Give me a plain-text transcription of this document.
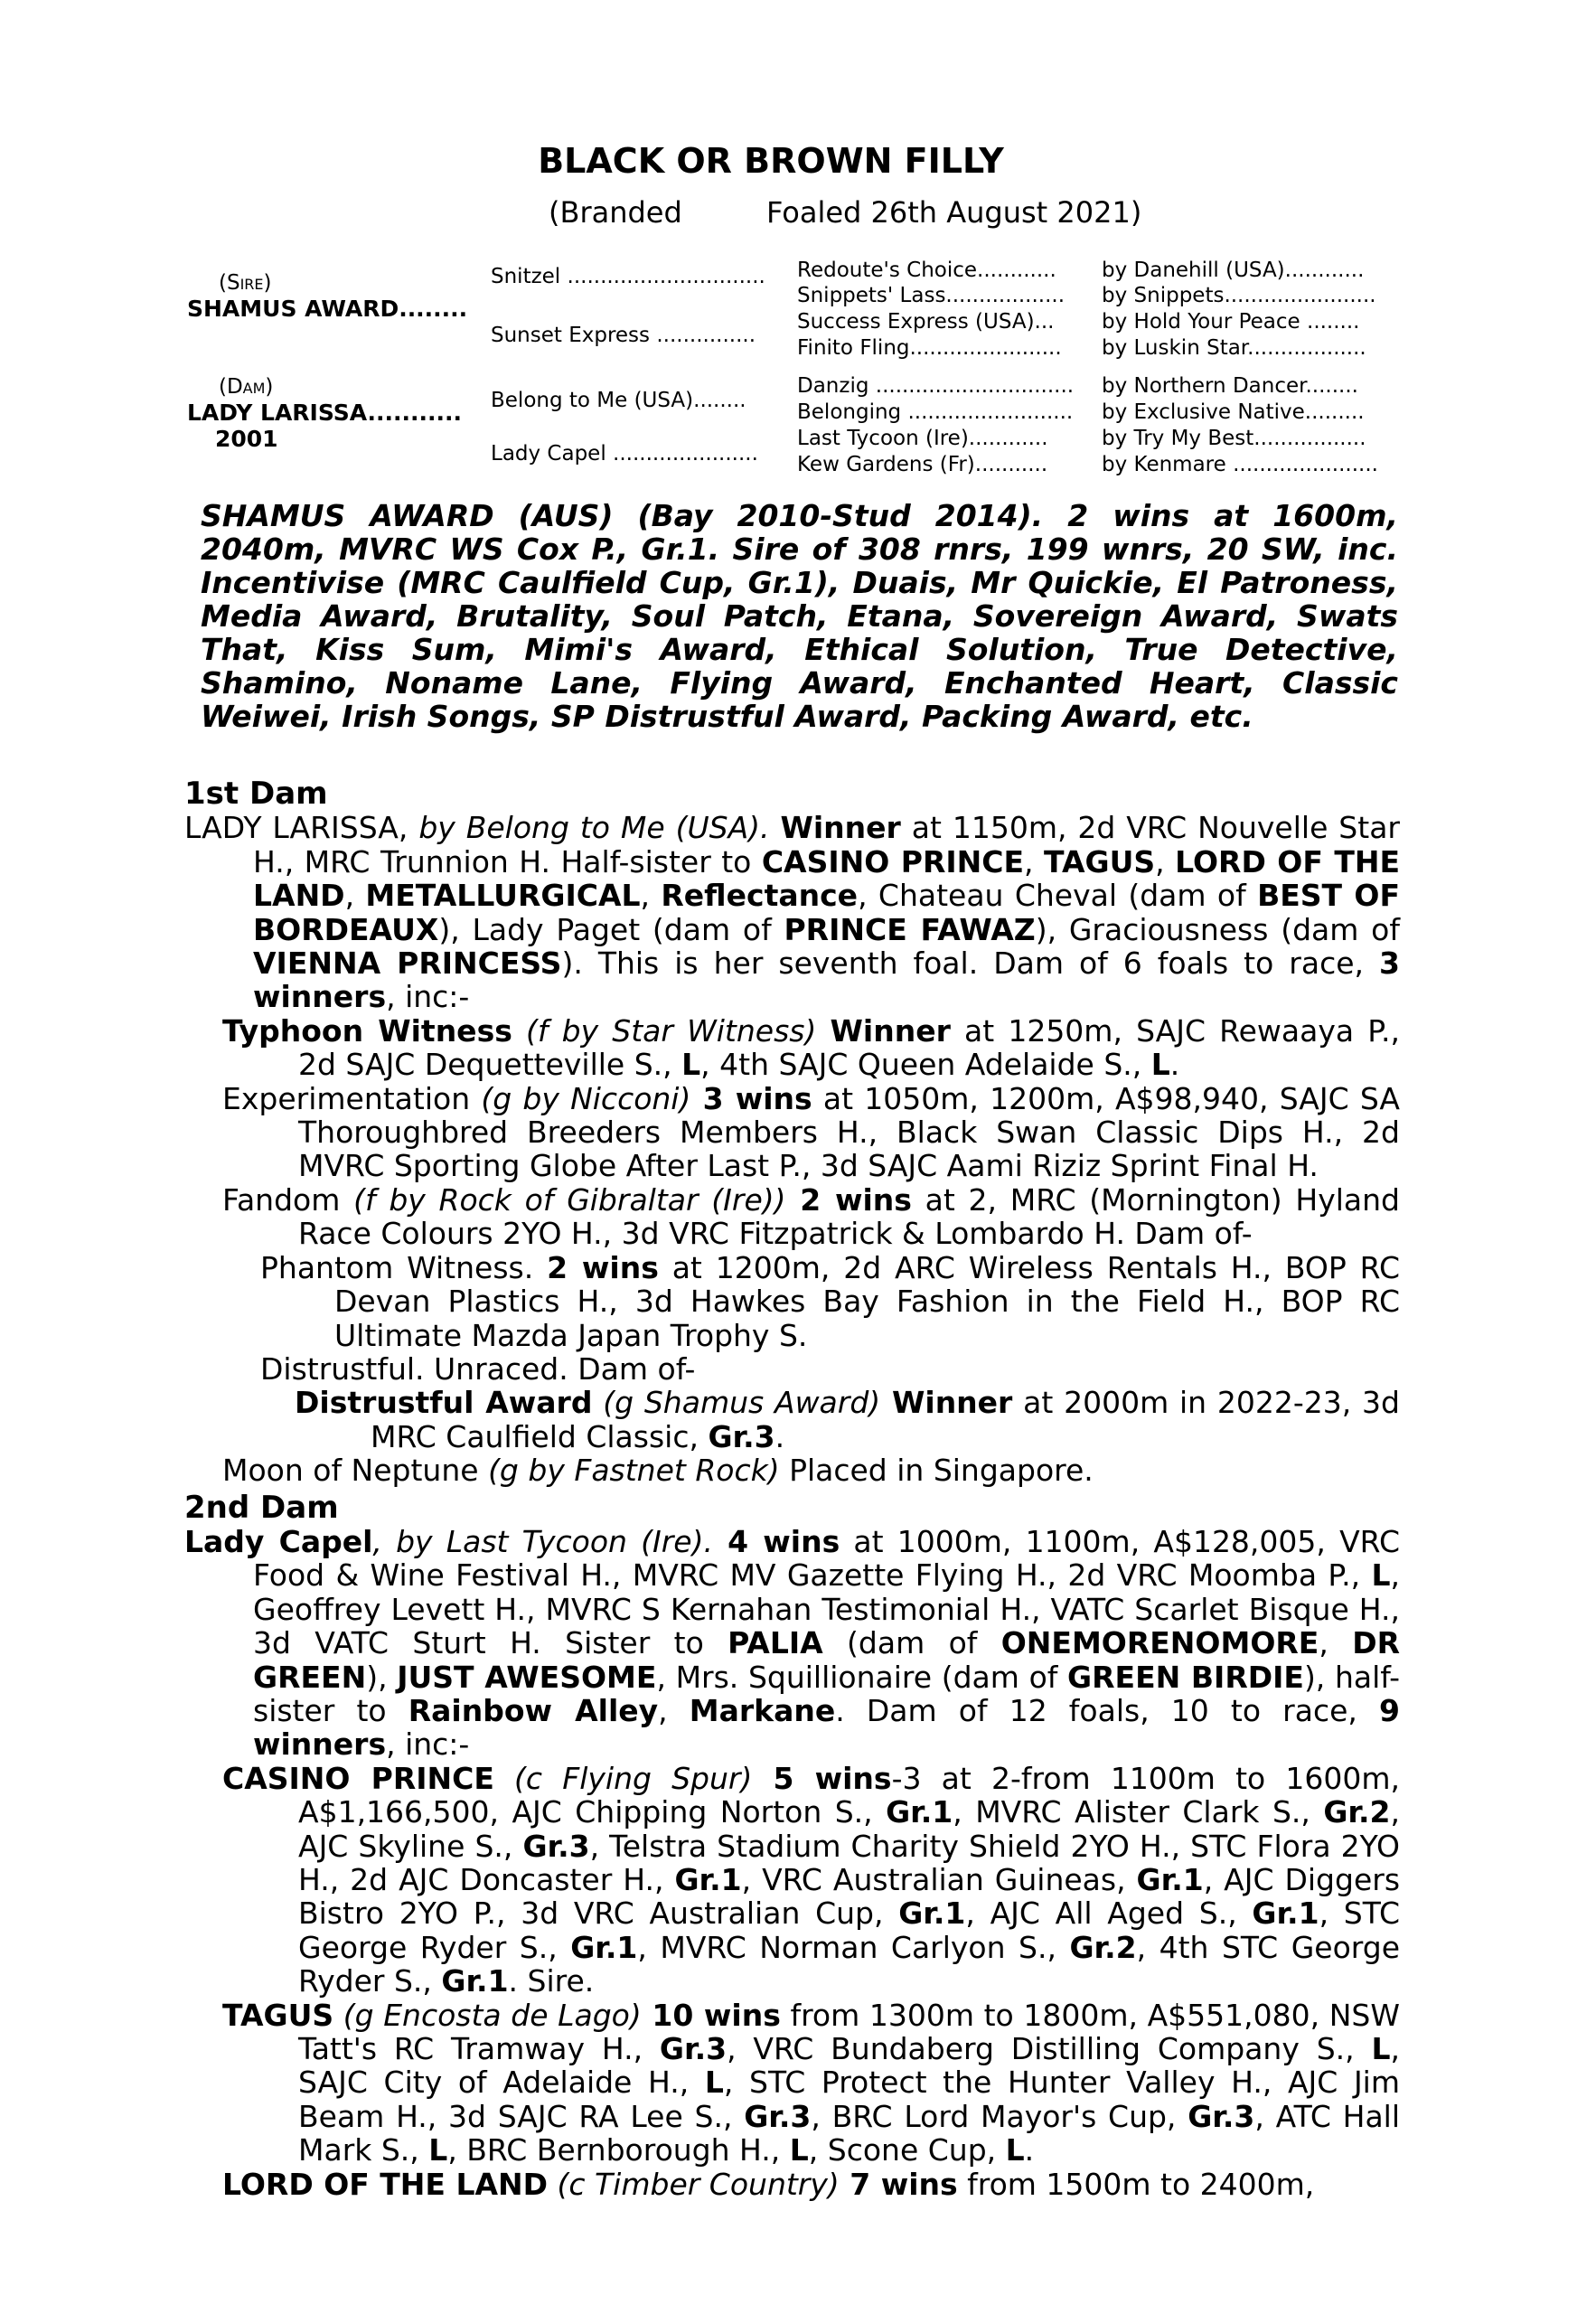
BLACK OR BROWN FILLY
(Branded	Foaled 26th August 2021)
(Sire)
SHAMUS AWARD........
(Dam)
LADY LARISSA...........
2001
Snitzel ..............................
Sunset Express ...............
Belong to Me (USA)........
Lady Capel ......................
Redoute's Choice............
Snippets' Lass..................
Success Express (USA)...
Finito Fling.......................
Danzig ..............................
Belonging .........................
Last Tycoon (Ire)............
Kew Gardens (Fr)...........
by Danehill (USA)............
by Snippets.......................
by Hold Your Peace ........
by Luskin Star..................
by Northern Dancer........
by Exclusive Native.........
by Try My Best.................
by Kenmare ......................
SHAMUS AWARD (AUS) (Bay 2010-Stud 2014). 2 wins at 1600m, 2040m, MVRC WS Cox P., Gr.1. Sire of 308 rnrs, 199 wnrs, 20 SW, inc. Incentivise (MRC Caulfield Cup, Gr.1), Duais, Mr Quickie, El Patroness, Media Award, Brutality, Soul Patch, Etana, Sovereign Award, Swats That, Kiss Sum, Mimi's Award, Ethical Solution, True Detective, Shamino, Noname Lane, Flying Award, Enchanted Heart, Classic Weiwei, Irish Songs, SP Distrustful Award, Packing Award, etc.

1st Dam

LADY LARISSA, by Belong to Me (USA). Winner at 1150m, 2d VRC Nouvelle Star H., MRC Trunnion H. Half-sister to CASINO PRINCE, TAGUS, LORD OF THE LAND, METALLURGICAL, Reflectance, Chateau Cheval (dam of BEST OF BORDEAUX), Lady Paget (dam of PRINCE FAWAZ), Graciousness (dam of VIENNA PRINCESS). This is her seventh foal. Dam of 6 foals to race, 3 winners, inc:-

Typhoon Witness (f by Star Witness) Winner at 1250m, SAJC Rewaaya P., 2d SAJC Dequetteville S., L, 4th SAJC Queen Adelaide S., L.

Experimentation (g by Nicconi) 3 wins at 1050m, 1200m, A$98,940, SAJC SA Thoroughbred Breeders Members H., Black Swan Classic Dips H., 2d MVRC Sporting Globe After Last P., 3d SAJC Aami Riziz Sprint Final H.

Fandom (f by Rock of Gibraltar (Ire)) 2 wins at 2, MRC (Mornington) Hyland Race Colours 2YO H., 3d VRC Fitzpatrick & Lombardo H. Dam of-

Phantom Witness. 2 wins at 1200m, 2d ARC Wireless Rentals H., BOP RC Devan Plastics H., 3d Hawkes Bay Fashion in the Field H., BOP RC Ultimate Mazda Japan Trophy S.

Distrustful. Unraced. Dam of-

Distrustful Award (g Shamus Award) Winner at 2000m in 2022-23, 3d MRC Caulfield Classic, Gr.3.

Moon of Neptune (g by Fastnet Rock) Placed in Singapore.

2nd Dam

Lady Capel, by Last Tycoon (Ire). 4 wins at 1000m, 1100m, A$128,005, VRC Food & Wine Festival H., MVRC MV Gazette Flying H., 2d VRC Moomba P., L, Geoffrey Levett H., MVRC S Kernahan Testimonial H., VATC Scarlet Bisque H., 3d VATC Sturt H. Sister to PALIA (dam of ONEMORENOMORE, DR GREEN), JUST AWESOME, Mrs. Squillionaire (dam of GREEN BIRDIE), half-sister to Rainbow Alley, Markane. Dam of 12 foals, 10 to race, 9 winners, inc:-

CASINO PRINCE (c Flying Spur) 5 wins-3 at 2-from 1100m to 1600m, A$1,166,500, AJC Chipping Norton S., Gr.1, MVRC Alister Clark S., Gr.2, AJC Skyline S., Gr.3, Telstra Stadium Charity Shield 2YO H., STC Flora 2YO H., 2d AJC Doncaster H., Gr.1, VRC Australian Guineas, Gr.1, AJC Diggers Bistro 2YO P., 3d VRC Australian Cup, Gr.1, AJC All Aged S., Gr.1, STC George Ryder S., Gr.1, MVRC Norman Carlyon S., Gr.2, 4th STC George Ryder S., Gr.1. Sire.

TAGUS (g Encosta de Lago) 10 wins from 1300m to 1800m, A$551,080, NSW Tatt's RC Tramway H., Gr.3, VRC Bundaberg Distilling Company S., L, SAJC City of Adelaide H., L, STC Protect the Hunter Valley H., AJC Jim Beam H., 3d SAJC RA Lee S., Gr.3, BRC Lord Mayor's Cup, Gr.3, ATC Hall Mark S., L, BRC Bernborough H., L, Scone Cup, L.

LORD OF THE LAND (c Timber Country) 7 wins from 1500m to 2400m,
